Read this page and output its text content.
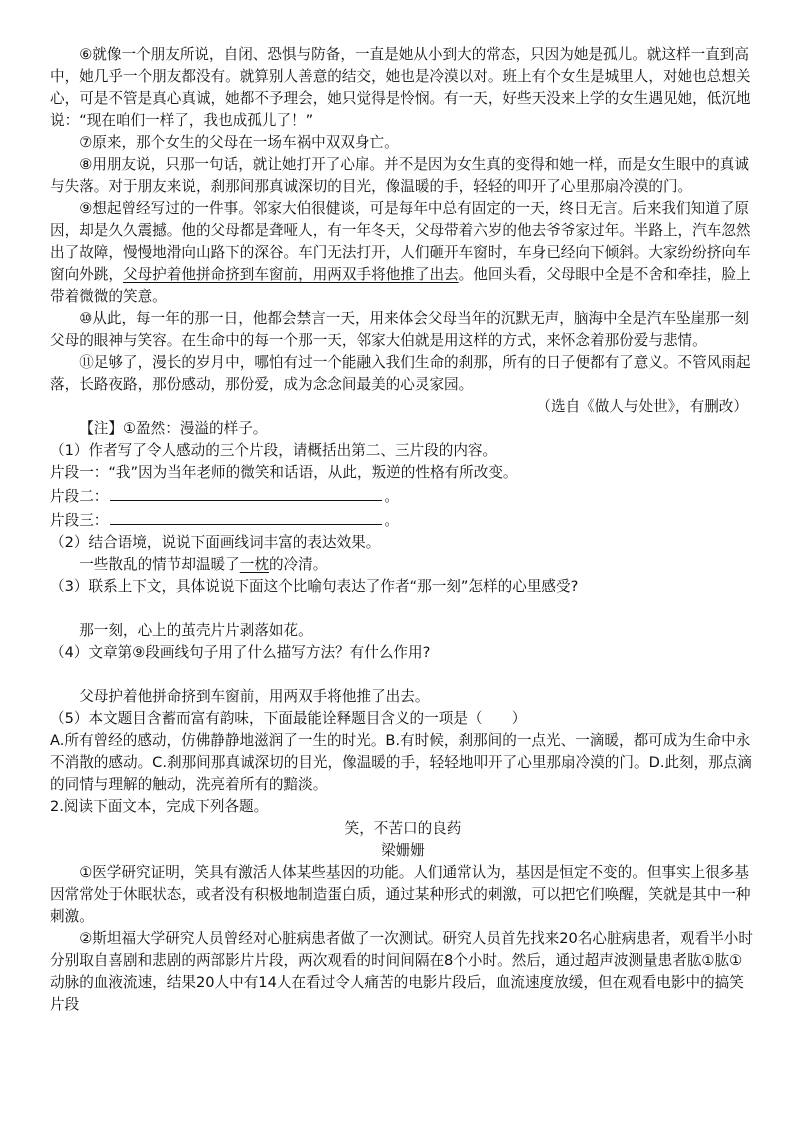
⑥就像一个朋友所说，自闭、恐惧与防备，一直是她从小到大的常态，只因为她是孤儿。就这样一直到高中，她几乎一个朋友都没有。就算别人善意的结交，她也是冷漠以对。班上有个女生是城里人，对她也总想关心，可是不管是真心真诚，她都不予理会，她只觉得是怜悯。有一天，好些天没来上学的女生遇见她，低沉地说：“现在咱们一样了，我也成孤儿了！”

⑦原来，那个女生的父母在一场车祸中双双身亡。

⑧用朋友说，只那一句话，就让她打开了心扉。并不是因为女生真的变得和她一样，而是女生眼中的真诚与失落。对于朋友来说，刹那间那真诚深切的目光，像温暖的手，轻轻的叩开了心里那扇冷漠的门。

⑨想起曾经写过的一件事。邻家大伯很健谈，可是每年中总有固定的一天，终日无言。后来我们知道了原因，却是久久震撼。他的父母都是聋哑人，有一年冬天，父母带着六岁的他去爷爷家过年。半路上，汽车忽然出了故障，慢慢地滑向山路下的深谷。车门无法打开，人们砸开车窗时，车身已经向下倾斜。大家纷纷挤向车窗向外跳，父母护着他拼命挤到车窗前，用两双手将他推了出去。他回头看，父母眼中全是不舍和牵挂，脸上带着微微的笑意。

⑩从此，每一年的那一日，他都会禁言一天，用来体会父母当年的沉默无声，脑海中全是汽车坠崖那一刻父母的眼神与笑容。在生命中的每一个那一天，邻家大伯就是用这样的方式，来怀念着那份爱与悲情。

⑪足够了，漫长的岁月中，哪怕有过一个能融入我们生命的刹那，所有的日子便都有了意义。不管风雨起落，长路夜路，那份感动，那份爱，成为念念间最美的心灵家园。

（选自《做人与处世》，有删改）

【注】①盈然：漫溢的样子。

（1）作者写了令人感动的三个片段，请概括出第二、三片段的内容。

片段一：“我”因为当年老师的微笑和话语，从此，叛逆的性格有所改变。

片段二：	。

片段三：	。

（2）结合语境，说说下面画线词丰富的表达效果。

一些散乱的情节却温暖了一枕的冷清。

（3）联系上下文，具体说说下面这个比喻句表达了作者“那一刻”怎样的心里感受?

那一刻，心上的茧壳片片剥落如花。

（4）文章第⑨段画线句子用了什么描写方法？有什么作用?

父母护着他拼命挤到车窗前，用两双手将他推了出去。

（5）本文题目含蓄而富有韵味，下面最能诠释题目含义的一项是（　　）

A.所有曾经的感动，仿佛静静地滋润了一生的时光。B.有时候，刹那间的一点光、一滴暖，都可成为生命中永不消散的感动。C.刹那间那真诚深切的目光，像温暖的手，轻轻地叩开了心里那扇冷漠的门。D.此刻，那点滴的同情与理解的触动，洗亮着所有的黯淡。

2.阅读下面文本，完成下列各题。

笑，不苦口的良药

梁姗姗

①医学研究证明，笑具有激活人体某些基因的功能。人们通常认为，基因是恒定不变的。但事实上很多基因常常处于休眠状态，或者没有积极地制造蛋白质，通过某种形式的刺激，可以把它们唤醒，笑就是其中一种刺激。

②斯坦福大学研究人员曾经对心脏病患者做了一次测试。研究人员首先找来20名心脏病患者，观看半小时分别取自喜剧和悲剧的两部影片片段，两次观看的时间间隔在8个小时。然后，通过超声波测量患者肱①肱①动脉的血液流速，结果20人中有14人在看过令人痛苦的电影片段后，血流速度放缓，但在观看电影中的搞笑片段
